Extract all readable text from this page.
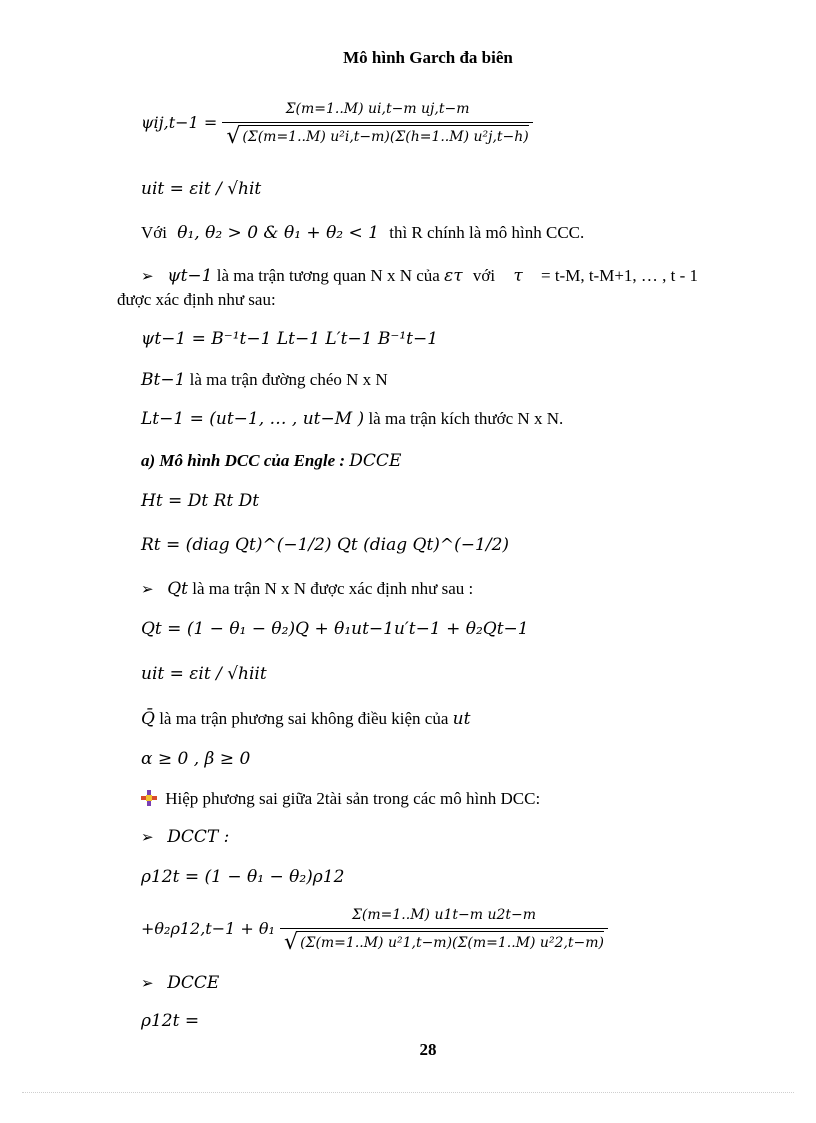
Mô hình Garch đa biên
$\psi ij,t-1 = \frac{\text{Σ(m=1..M) ui,t−m uj,t−m}}{\text{√ (Σ(m=1..M) u²i,t−m)(Σ(h=1..M) u²j,t−h)}}$
uit = εit / √hit
Với θ₁, θ₂ > 0 & θ₁ + θ₂ < 1 thì R chính là mô hình CCC.
➢ ψt−1 là ma trận tương quan N x N của ετ với τ = t-M, t-M+1, … , t - 1
được xác định như sau:
ψt−1 = B⁻¹t−1 Lt−1 L′t−1 B⁻¹t−1
Bt−1 là ma trận đường chéo N x N
Lt−1 = (ut−1, … , ut−M ) là ma trận kích thước N x N.
a) Mô hình DCC của Engle : DCCE
Ht = Dt Rt Dt
Rt = (diag Qt)^(−1/2) Qt (diag Qt)^(−1/2)
➢ Qt là ma trận N x N được xác định như sau :
Qt = (1 − θ₁ − θ₂)Q + θ₁ut−1u′t−1 + θ₂Qt−1
uit = εit / √hiit
Q̄ là ma trận phương sai không điều kiện của ut
α ≥ 0 , β ≥ 0
Hiệp phương sai giữa 2tài sản trong các mô hình DCC:
➢ DCCT :
ρ12t = (1 − θ₁ − θ₂)ρ12
$+\theta_2\rho 12,t-1 + \theta_1 \frac{\text{Σ(m=1..M) u1t−m u2t−m}}{\text{√ (Σ(m=1..M) u²1,t−m)(Σ(m=1..M) u²2,t−m)}}$
➢ DCCE
ρ12t =
28
